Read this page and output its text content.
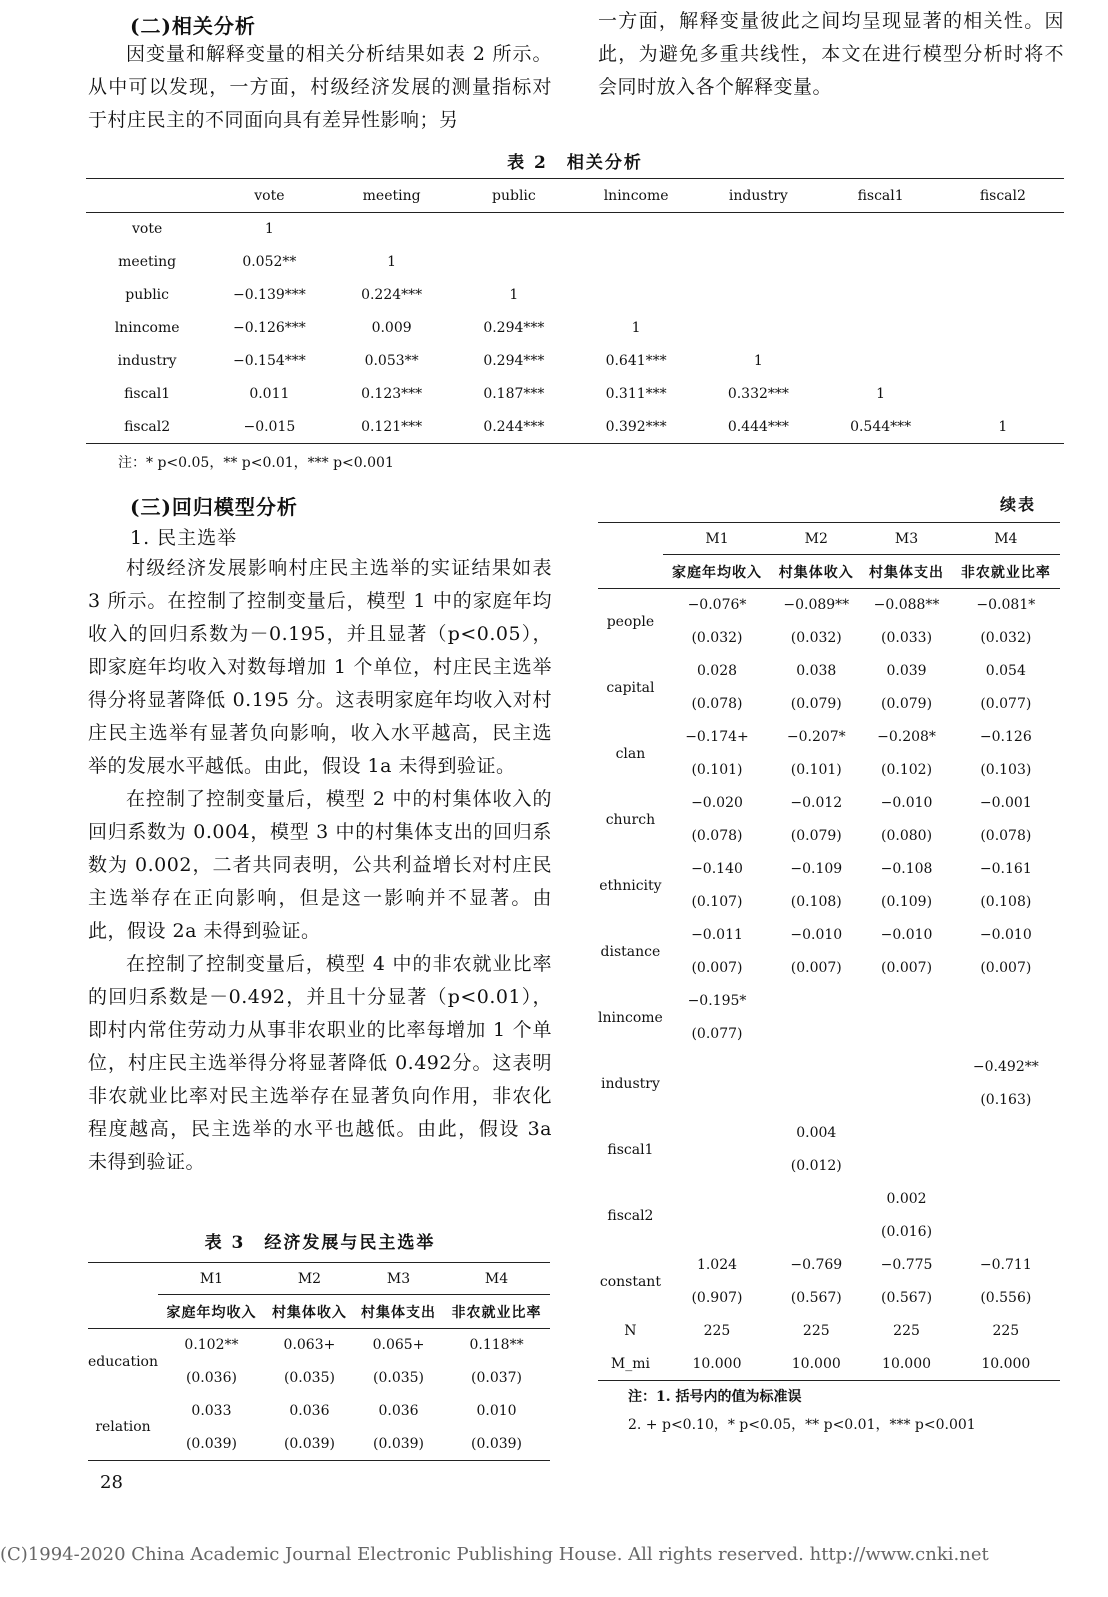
(二)相关分析
因变量和解释变量的相关分析结果如表 2 所示。从中可以发现，一方面，村级经济发展的测量指标对于村庄民主的不同面向具有差异性影响；另
一方面，解释变量彼此之间均呈现显著的相关性。因此，为避免多重共线性，本文在进行模型分析时将不会同时放入各个解释变量。
表 2　相关分析
	vote	meeting	public	lnincome	industry	fiscal1	fiscal2
vote	1						
meeting	0.052**	1					
public	−0.139***	0.224***	1				
lnincome	−0.126***	0.009	0.294***	1			
industry	−0.154***	0.053**	0.294***	0.641***	1		
fiscal1	0.011	0.123***	0.187***	0.311***	0.332***	1	
fiscal2	−0.015	0.121***	0.244***	0.392***	0.444***	0.544***	1
注：* p<0.05，** p<0.01，*** p<0.001
(三)回归模型分析
1. 民主选举

村级经济发展影响村庄民主选举的实证结果如表 3 所示。在控制了控制变量后，模型 1 中的家庭年均收入的回归系数为－0.195，并且显著（p<0.05），即家庭年均收入对数每增加 1 个单位，村庄民主选举得分将显著降低 0.195 分。这表明家庭年均收入对村庄民主选举有显著负向影响，收入水平越高，民主选举的发展水平越低。由此，假设 1a 未得到验证。

在控制了控制变量后，模型 2 中的村集体收入的回归系数为 0.004，模型 3 中的村集体支出的回归系数为 0.002，二者共同表明，公共利益增长对村庄民主选举存在正向影响，但是这一影响并不显著。由此，假设 2a 未得到验证。

在控制了控制变量后，模型 4 中的非农就业比率的回归系数是－0.492，并且十分显著（p<0.01），即村内常住劳动力从事非农职业的比率每增加 1 个单位，村庄民主选举得分将显著降低 0.492分。这表明非农就业比率对民主选举存在显著负向作用，非农化程度越高，民主选举的水平也越低。由此，假设 3a 未得到验证。

表 3　经济发展与民主选举
	M1	M2	M3	M4
	家庭年均收入	村集体收入	村集体支出	非农就业比率
education	0.102**	0.063+	0.065+	0.118**
	(0.036)	(0.035)	(0.035)	(0.037)
relation	0.033	0.036	0.036	0.010
	(0.039)	(0.039)	(0.039)	(0.039)
28
续表
	M1	M2	M3	M4
	家庭年均收入	村集体收入	村集体支出	非农就业比率
people	−0.076*	−0.089**	−0.088**	−0.081*
	(0.032)	(0.032)	(0.033)	(0.032)
capital	0.028	0.038	0.039	0.054
	(0.078)	(0.079)	(0.079)	(0.077)
clan	−0.174+	−0.207*	−0.208*	−0.126
	(0.101)	(0.101)	(0.102)	(0.103)
church	−0.020	−0.012	−0.010	−0.001
	(0.078)	(0.079)	(0.080)	(0.078)
ethnicity	−0.140	−0.109	−0.108	−0.161
	(0.107)	(0.108)	(0.109)	(0.108)
distance	−0.011	−0.010	−0.010	−0.010
	(0.007)	(0.007)	(0.007)	(0.007)
lnincome	−0.195*			
	(0.077)			
industry				−0.492**
				(0.163)
fiscal1		0.004		
		(0.012)		
fiscal2			0.002	
			(0.016)	
constant	1.024	−0.769	−0.775	−0.711
	(0.907)	(0.567)	(0.567)	(0.556)
N	225	225	225	225
M_mi	10.000	10.000	10.000	10.000
注：1. 括号内的值为标准误
2. + p<0.10，* p<0.05，** p<0.01，*** p<0.001
(C)1994-2020 China Academic Journal Electronic Publishing House. All rights reserved. http://www.cnki.net
